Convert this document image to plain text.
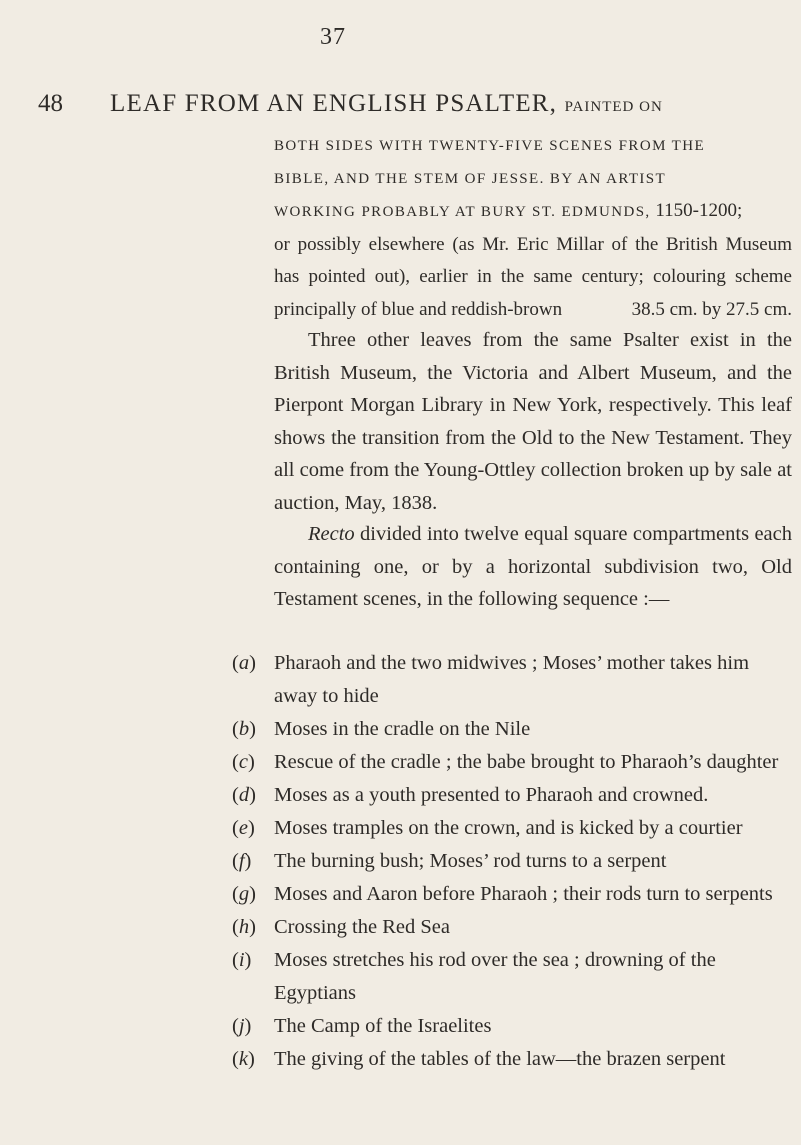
37
48 LEAF FROM AN ENGLISH PSALTER, PAINTED ON
BOTH SIDES WITH TWENTY-FIVE SCENES FROM THE
BIBLE, AND THE STEM OF JESSE. BY AN ARTIST
WORKING PROBABLY AT BURY ST. EDMUNDS, 1150-1200;
or possibly elsewhere (as Mr. Eric Millar of the British Museum has pointed out), earlier in the same century; colouring scheme principally of blue and reddish-brown	38.5 cm. by 27.5 cm.

Three other leaves from the same Psalter exist in the British Museum, the Victoria and Albert Museum, and the Pierpont Morgan Library in New York, respectively. This leaf shows the transition from the Old to the New Testament. They all come from the Young-Ottley collection broken up by sale at auction, May, 1838.

Recto divided into twelve equal square compartments each containing one, or by a horizontal subdivision two, Old Testament scenes, in the following sequence :—

(a) Pharaoh and the two midwives ; Moses’ mother takes him away to hide
(b) Moses in the cradle on the Nile
(c) Rescue of the cradle ; the babe brought to Pharaoh’s daughter
(d) Moses as a youth presented to Pharaoh and crowned.
(e) Moses tramples on the crown, and is kicked by a courtier
(f) The burning bush; Moses’ rod turns to a serpent
(g) Moses and Aaron before Pharaoh ; their rods turn to serpents
(h) Crossing the Red Sea
(i) Moses stretches his rod over the sea ; drowning of the Egyptians
(j) The Camp of the Israelites
(k) The giving of the tables of the law—the brazen serpent
